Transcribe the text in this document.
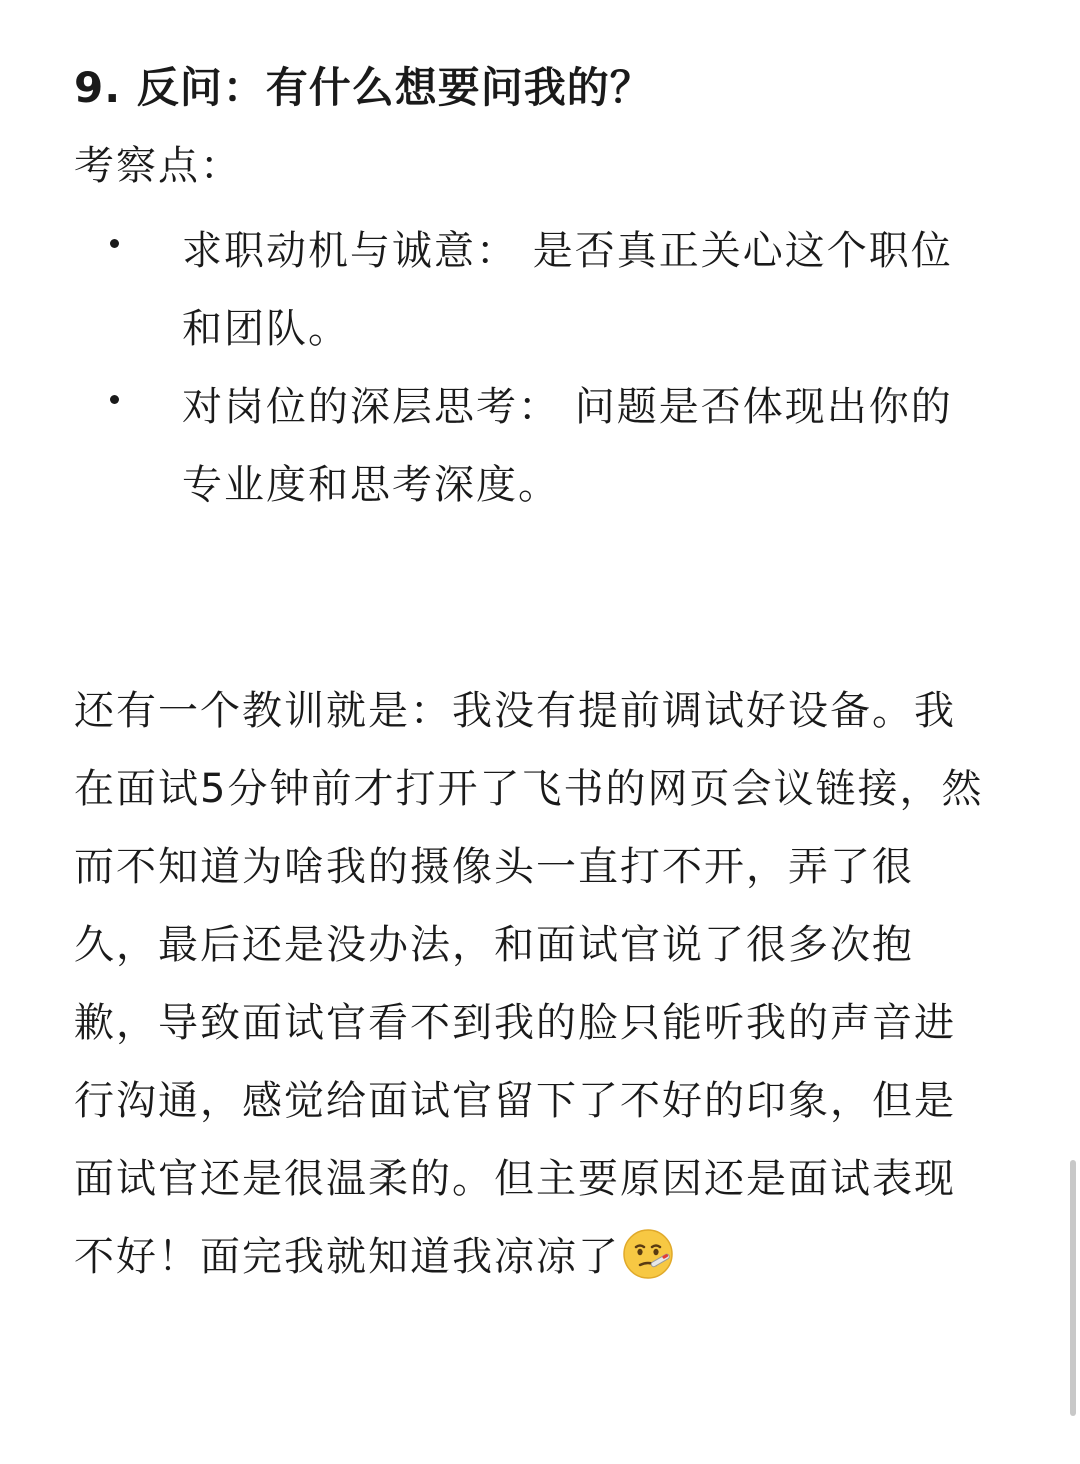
9. 反问：有什么想要问我的？
考察点：
求职动机与诚意： 是否真正关心这个职位和团队。
对岗位的深层思考： 问题是否体现出你的专业度和思考深度。

还有一个教训就是：我没有提前调试好设备。我在面试5分钟前才打开了飞书的网页会议链接，然而不知道为啥我的摄像头一直打不开，弄了很久，最后还是没办法，和面试官说了很多次抱歉，导致面试官看不到我的脸只能听我的声音进行沟通，感觉给面试官留下了不好的印象，但是面试官还是很温柔的。但主要原因还是面试表现不好！面完我就知道我凉凉了
